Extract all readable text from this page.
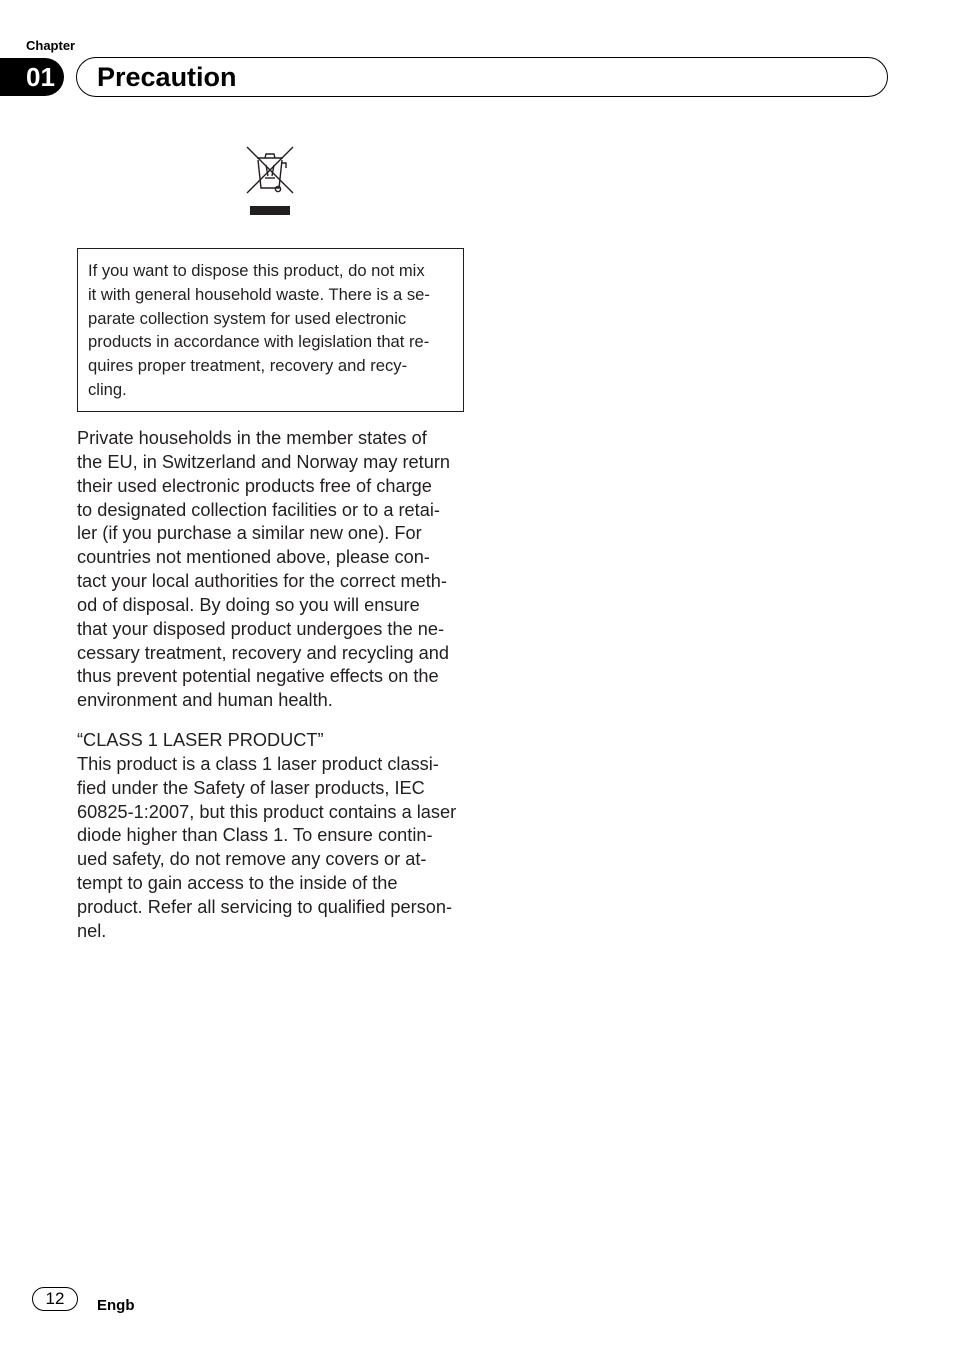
Chapter
01	Precaution
If you want to dispose this product, do not mix
it with general household waste. There is a se-
parate collection system for used electronic
products in accordance with legislation that re-
quires proper treatment, recovery and recy-
cling.
Private households in the member states of
the EU, in Switzerland and Norway may return
their used electronic products free of charge
to designated collection facilities or to a retai-
ler (if you purchase a similar new one). For
countries not mentioned above, please con-
tact your local authorities for the correct meth-
od of disposal. By doing so you will ensure
that your disposed product undergoes the ne-
cessary treatment, recovery and recycling and
thus prevent potential negative effects on the
environment and human health.
“CLASS 1 LASER PRODUCT”
This product is a class 1 laser product classi-
fied under the Safety of laser products, IEC
60825-1:2007, but this product contains a laser
diode higher than Class 1. To ensure contin-
ued safety, do not remove any covers or at-
tempt to gain access to the inside of the
product. Refer all servicing to qualified person-
nel.
12	Engb
